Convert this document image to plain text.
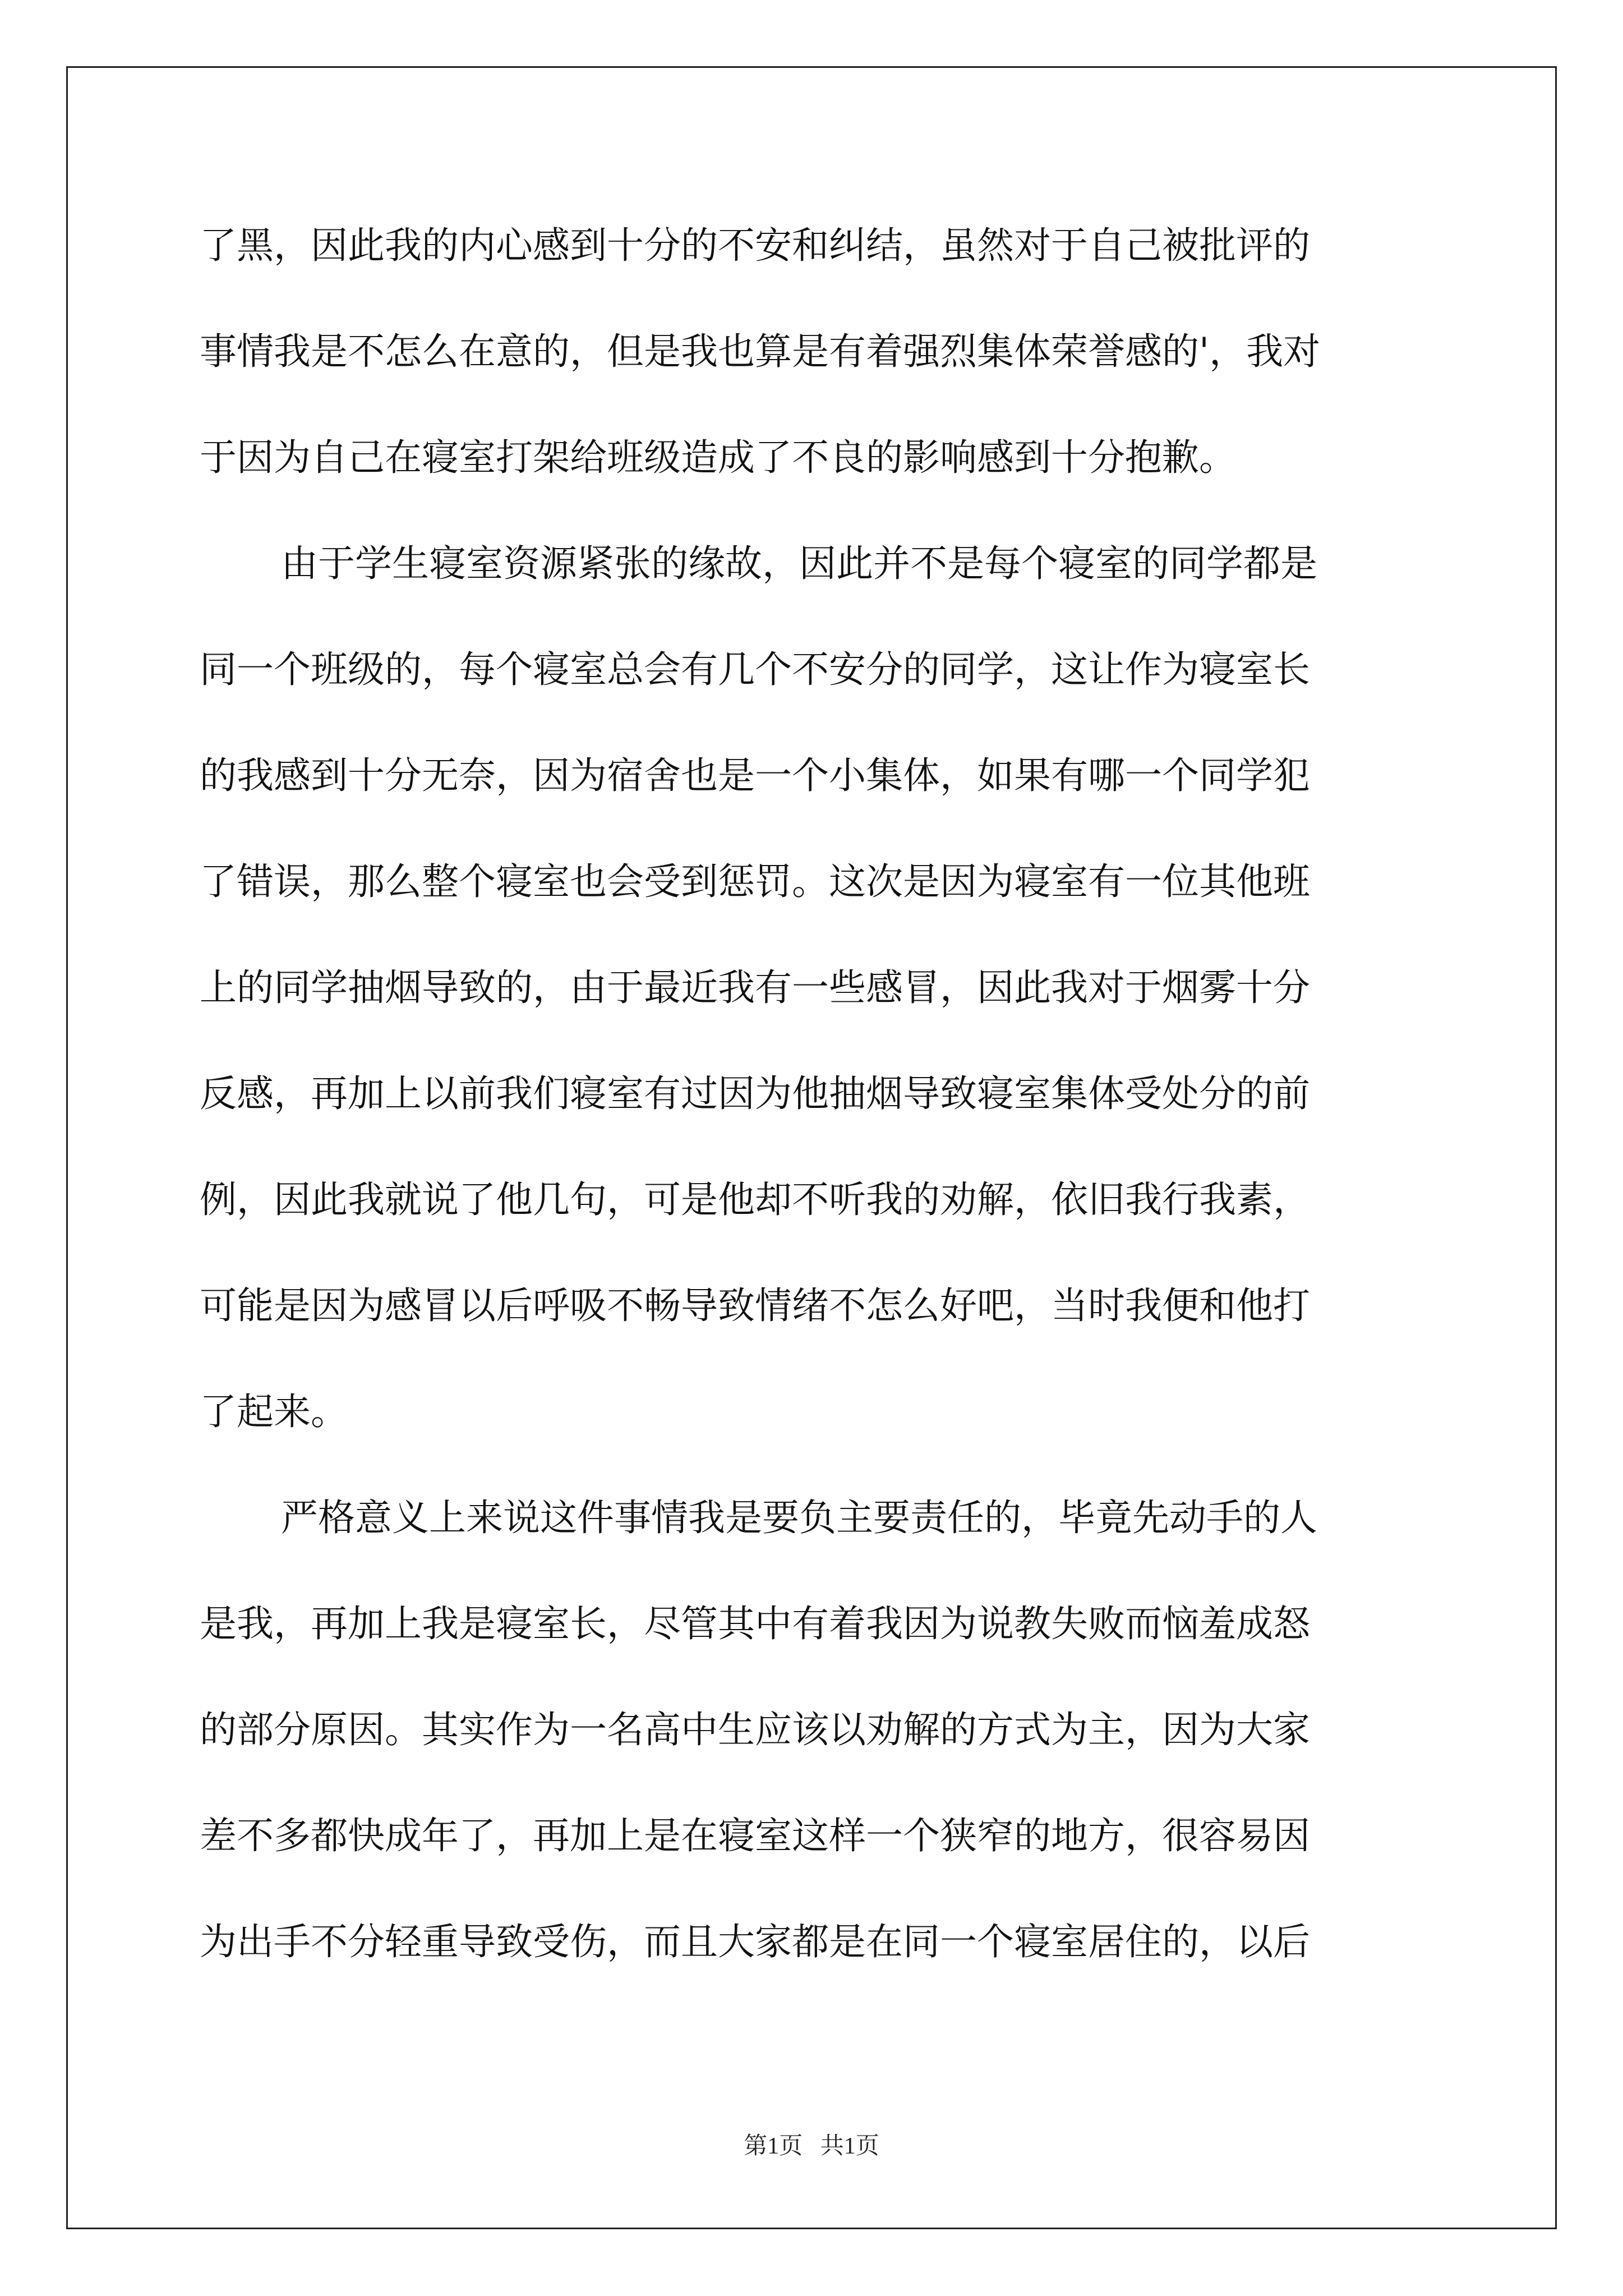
了黑，因此我的内心感到十分的不安和纠结，虽然对于自己被批评的
事情我是不怎么在意的，但是我也算是有着强烈集体荣誉感的'，我对
于因为自己在寝室打架给班级造成了不良的影响感到十分抱歉。
由于学生寝室资源紧张的缘故，因此并不是每个寝室的同学都是
同一个班级的，每个寝室总会有几个不安分的同学，这让作为寝室长
的我感到十分无奈，因为宿舍也是一个小集体，如果有哪一个同学犯
了错误，那么整个寝室也会受到惩罚。这次是因为寝室有一位其他班
上的同学抽烟导致的，由于最近我有一些感冒，因此我对于烟雾十分
反感，再加上以前我们寝室有过因为他抽烟导致寝室集体受处分的前
例，因此我就说了他几句，可是他却不听我的劝解，依旧我行我素，
可能是因为感冒以后呼吸不畅导致情绪不怎么好吧，当时我便和他打
了起来。
严格意义上来说这件事情我是要负主要责任的，毕竟先动手的人
是我，再加上我是寝室长，尽管其中有着我因为说教失败而恼羞成怒
的部分原因。其实作为一名高中生应该以劝解的方式为主，因为大家
差不多都快成年了，再加上是在寝室这样一个狭窄的地方，很容易因
为出手不分轻重导致受伤，而且大家都是在同一个寝室居住的，以后
第1页   共1页
